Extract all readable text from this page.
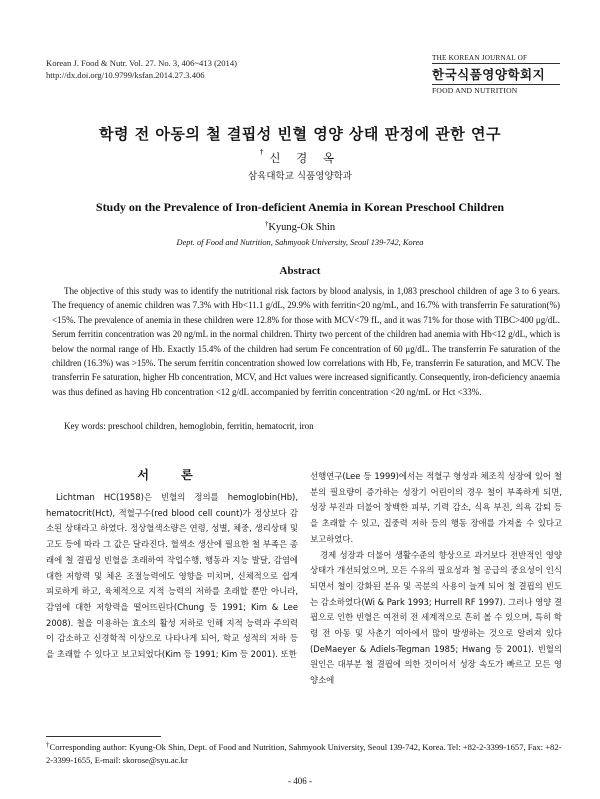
Korean J. Food & Nutr. Vol. 27. No. 3, 406~413 (2014)
http://dx.doi.org/10.9799/ksfan.2014.27.3.406
THE KOREAN JOURNAL OF
한국식품영양학회지
FOOD AND NUTRITION
학령 전 아동의 철 결핍성 빈혈 영양 상태 판정에 관한 연구
†신 경 옥
삼육대학교 식품영양학과
Study on the Prevalence of Iron-deficient Anemia in Korean Preschool Children
†Kyung-Ok Shin
Dept. of Food and Nutrition, Sahmyook University, Seoul 139-742, Korea
Abstract
The objective of this study was to identify the nutritional risk factors by blood analysis, in 1,083 preschool children of age 3 to 6 years. The frequency of anemic children was 7.3% with Hb<11.1 g/dL, 29.9% with ferritin<20 ng/mL, and 16.7% with transferrin Fe saturation(%)<15%. The prevalence of anemia in these children were 12.8% for those with MCV<79 fL, and it was 71% for those with TIBC>400 μg/dL. Serum ferritin concentration was 20 ng/mL in the normal children. Thirty two percent of the children had anemia with Hb<12 g/dL, which is below the normal range of Hb. Exactly 15.4% of the children had serum Fe concentration of 60 μg/dL. The transferrin Fe saturation of the children (16.3%) was >15%. The serum ferritin concentration showed low correlations with Hb, Fe, transferrin Fe saturation, and MCV. The transferrin Fe saturation, higher Hb concentration, MCV, and Hct values were increased significantly. Consequently, iron-deficiency anaemia was thus defined as having Hb concentration <12 g/dL accompanied by ferritin concentration <20 ng/mL or Hct <33%.
Key words: preschool children, hemoglobin, ferritin, hematocrit, iron
서 론

Lichtman HC(1958)은 빈혈의 정의를 hemoglobin(Hb), hematocrit(Hct), 적혈구수(red blood cell count)가 정상보다 감소된 상태라고 하였다. 정상혈색소량은 연령, 성별, 체중, 생리상태 및 고도 등에 따라 그 값은 달라진다. 혈색소 생산에 필요한 철 부족은 종래에 철 결핍성 빈혈을 초래하여 작업수행, 행동과 지능 발달, 감염에 대한 저항력 및 체온 조절능력에도 영향을 미치며, 신체적으로 쉽게 피로하게 하고, 육체적으로 지적 능력의 저하를 초래할 뿐만 아니라, 감염에 대한 저항력을 떨어뜨린다(Chung 등 1991; Kim & Lee 2008). 철을 이용하는 효소의 활성 저하로 인해 지적 능력과 주의력이 감소하고 신경학적 이상으로 나타나게 되어, 학교 성적의 저하 등을 초래할 수 있다고 보고되었다(Kim 등 1991; Kim 등 2001). 또한

선행연구(Lee 등 1999)에서는 적혈구 형성과 체조직 성장에 있어 철분의 필요량이 증가하는 성장기 어린이의 경우 철이 부족하게 되면, 성장 부진과 더불어 창백한 피부, 기력 감소, 식욕 부진, 의욕 감퇴 등을 초래할 수 있고, 집중력 저하 등의 행동 장애를 가져올 수 있다고 보고하였다.

경제 성장과 더불어 생활수준의 향상으로 과거보다 전반적인 영양상태가 개선되었으며, 모든 수유의 필요성과 철 공급의 중요성이 인식되면서 철이 강화된 분유 및 곡분의 사용이 늘게 되어 철 결핍의 빈도는 감소하였다(Wi & Park 1993; Hurrell RF 1997). 그러나 영양 결핍으로 인한 빈혈은 여전히 전 세계적으로 흔히 볼 수 있으며, 특히 학령 전 아동 및 사춘기 여아에서 많이 발생하는 것으로 알려져 있다(DeMaeyer & Adiels-Tegman 1985; Hwang 등 2001). 빈혈의 원인은 대부분 철 결핍에 의한 것이어서 성장 속도가 빠르고 모든 영양소에

†Corresponding author: Kyung-Ok Shin, Dept. of Food and Nutrition, Sahmyook University, Seoul 139-742, Korea. Tel: +82-2-3399-1657, Fax: +82-2-3399-1655, E-mail: skorose@syu.ac.kr
- 406 -
